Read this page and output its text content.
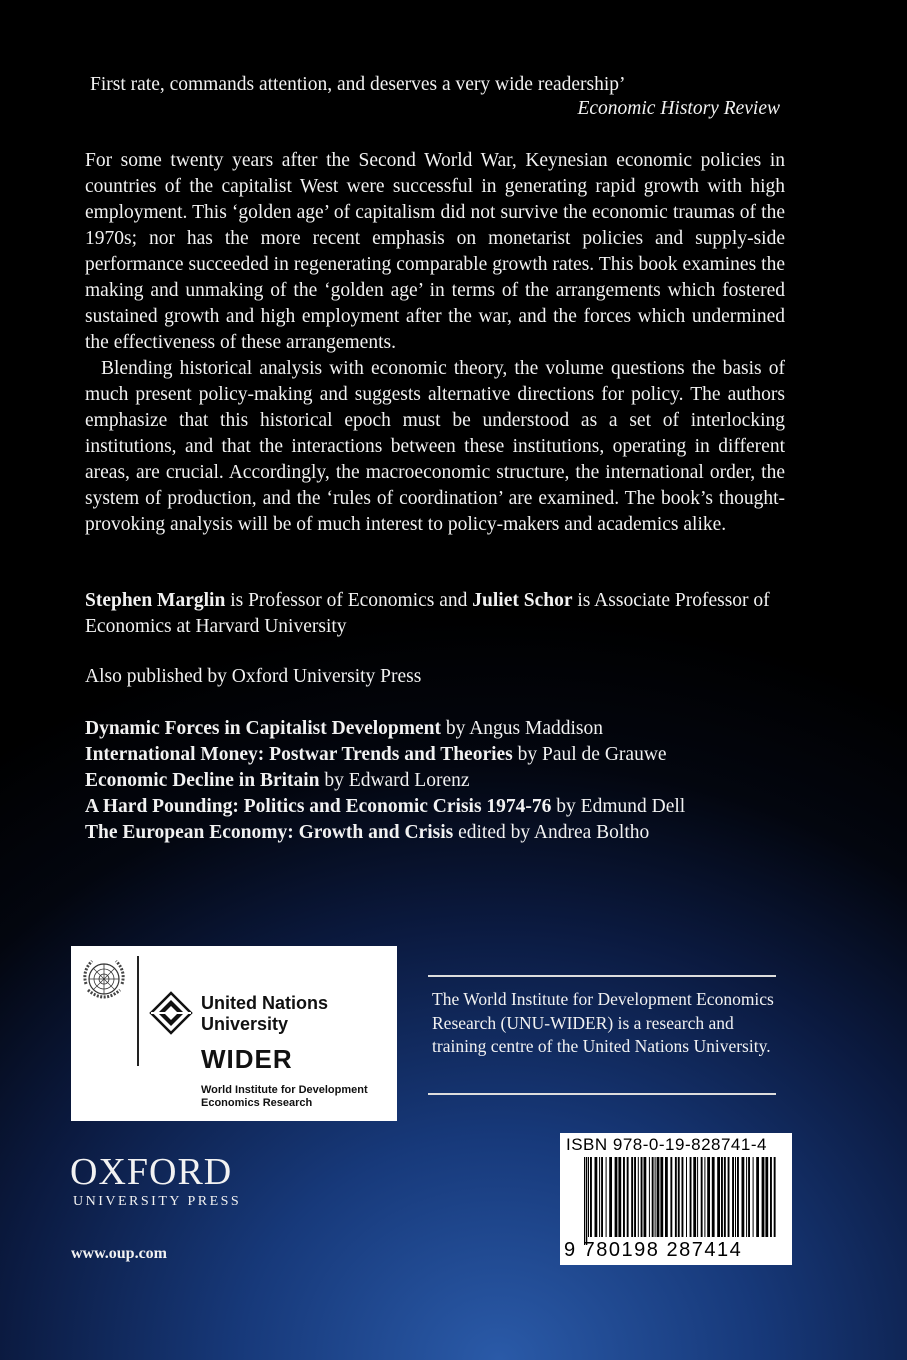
First rate, commands attention, and deserves a very wide readership’
Economic History Review

For some twenty years after the Second World War, Keynesian economic policies in countries of the capitalist West were successful in generating rapid growth with high employment. This ‘golden age’ of capitalism did not survive the economic traumas of the 1970s; nor has the more recent emphasis on monetarist policies and supply-side performance succeeded in regenerating comparable growth rates. This book examines the making and unmaking of the ‘golden age’ in terms of the arrangements which fostered sustained growth and high employment after the war, and the forces which undermined the effectiveness of these arrangements.

Blending historical analysis with economic theory, the volume questions the basis of much present policy-making and suggests alternative directions for policy. The authors emphasize that this historical epoch must be understood as a set of interlocking institutions, and that the interactions between these institutions, operating in different areas, are crucial. Accordingly, the macroeconomic structure, the international order, the system of production, and the ‘rules of coordination’ are examined. The book’s thought-provoking analysis will be of much interest to policy-makers and academics alike.

Stephen Marglin is Professor of Economics and Juliet Schor is Associate Professor of Economics at Harvard University
Also published by Oxford University Press
Dynamic Forces in Capitalist Development by Angus Maddison
International Money: Postwar Trends and Theories by Paul de Grauwe
Economic Decline in Britain by Edward Lorenz
A Hard Pounding: Politics and Economic Crisis 1974-76 by Edmund Dell
The European Economy: Growth and Crisis edited by Andrea Boltho
United Nations
University
WIDER
World Institute for Development
Economics Research
The World Institute for Development Economics Research (UNU-WIDER) is a research and training centre of the United Nations University.
OXFORD
UNIVERSITY PRESS
www.oup.com
ISBN 978-0-19-828741-4
9 780198 287414
